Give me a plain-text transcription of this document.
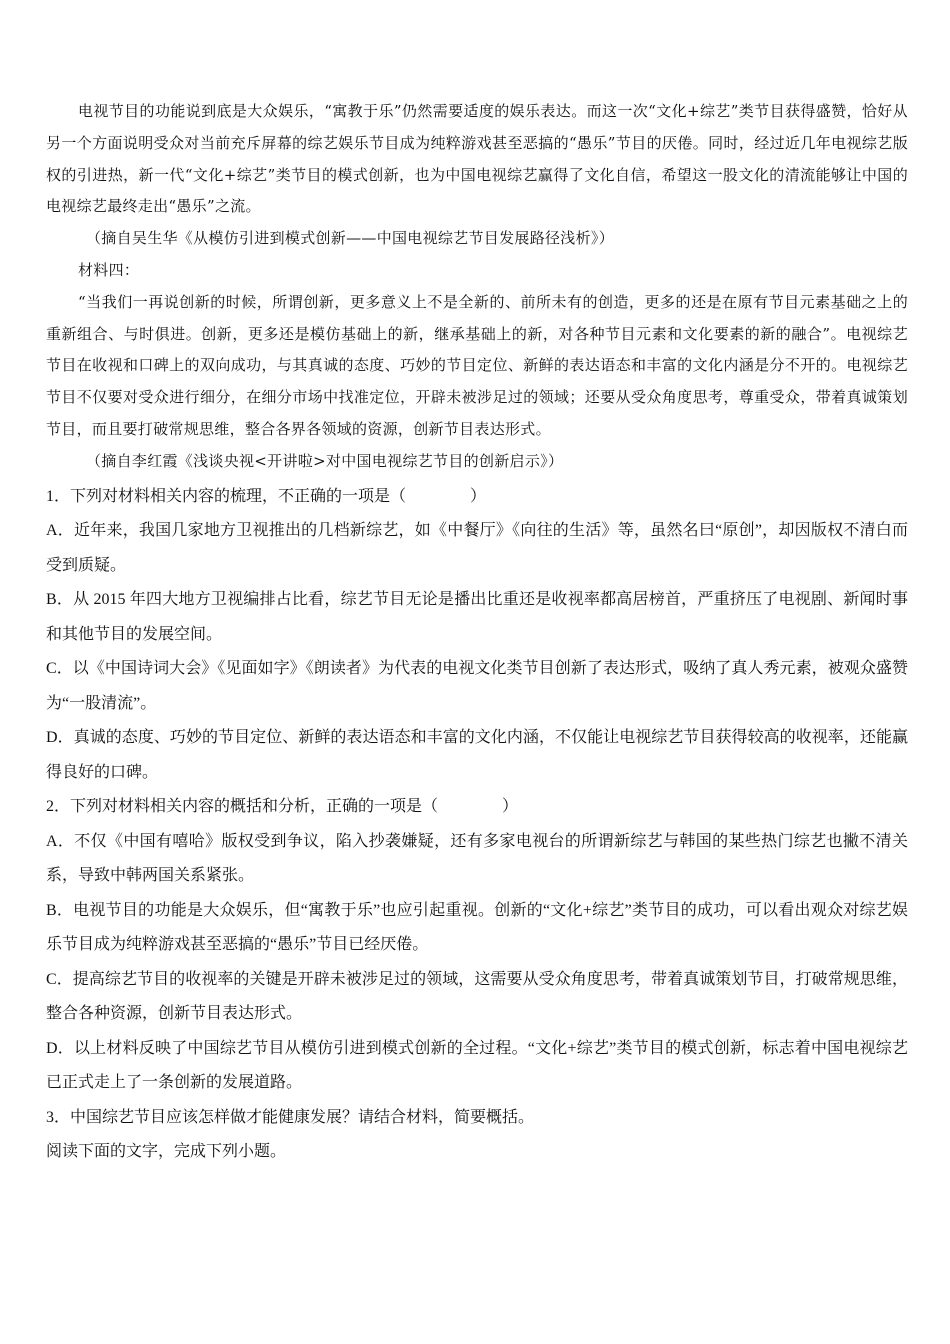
电视节目的功能说到底是大众娱乐，“寓教于乐”仍然需要适度的娱乐表达。而这一次“文化+综艺”类节目获得盛赞，恰好从另一个方面说明受众对当前充斥屏幕的综艺娱乐节目成为纯粹游戏甚至恶搞的“愚乐”节目的厌倦。同时，经过近几年电视综艺版权的引进热，新一代“文化+综艺”类节目的模式创新，也为中国电视综艺赢得了文化自信，希望这一股文化的清流能够让中国的电视综艺最终走出“愚乐”之流。

（摘自吴生华《从模仿引进到模式创新——中国电视综艺节目发展路径浅析》）

材料四：

“当我们一再说创新的时候，所谓创新，更多意义上不是全新的、前所未有的创造，更多的还是在原有节目元素基础之上的重新组合、与时俱进。创新，更多还是模仿基础上的新，继承基础上的新，对各种节目元素和文化要素的新的融合”。电视综艺节目在收视和口碑上的双向成功，与其真诚的态度、巧妙的节目定位、新鲜的表达语态和丰富的文化内涵是分不开的。电视综艺节目不仅要对受众进行细分，在细分市场中找准定位，开辟未被涉足过的领域；还要从受众角度思考，尊重受众，带着真诚策划节目，而且要打破常规思维，整合各界各领域的资源，创新节目表达形式。

（摘自李红霞《浅谈央视<开讲啦>对中国电视综艺节目的创新启示》）

1．下列对材料相关内容的梳理，不正确的一项是（　　　　）

A．近年来，我国几家地方卫视推出的几档新综艺，如《中餐厅》《向往的生活》等，虽然名曰“原创”，却因版权不清白而受到质疑。

B．从 2015 年四大地方卫视编排占比看，综艺节目无论是播出比重还是收视率都高居榜首，严重挤压了电视剧、新闻时事和其他节目的发展空间。

C．以《中国诗词大会》《见面如字》《朗读者》为代表的电视文化类节目创新了表达形式，吸纳了真人秀元素，被观众盛赞为“一股清流”。

D．真诚的态度、巧妙的节目定位、新鲜的表达语态和丰富的文化内涵，不仅能让电视综艺节目获得较高的收视率，还能赢得良好的口碑。

2．下列对材料相关内容的概括和分析，正确的一项是（　　　　）

A．不仅《中国有嘻哈》版权受到争议，陷入抄袭嫌疑，还有多家电视台的所谓新综艺与韩国的某些热门综艺也撇不清关系，导致中韩两国关系紧张。

B．电视节目的功能是大众娱乐，但“寓教于乐”也应引起重视。创新的“文化+综艺”类节目的成功，可以看出观众对综艺娱乐节目成为纯粹游戏甚至恶搞的“愚乐”节目已经厌倦。

C．提高综艺节目的收视率的关键是开辟未被涉足过的领域，这需要从受众角度思考，带着真诚策划节目，打破常规思维，整合各种资源，创新节目表达形式。

D．以上材料反映了中国综艺节目从模仿引进到模式创新的全过程。“文化+综艺”类节目的模式创新，标志着中国电视综艺已正式走上了一条创新的发展道路。

3．中国综艺节目应该怎样做才能健康发展？请结合材料，简要概括。

阅读下面的文字，完成下列小题。
